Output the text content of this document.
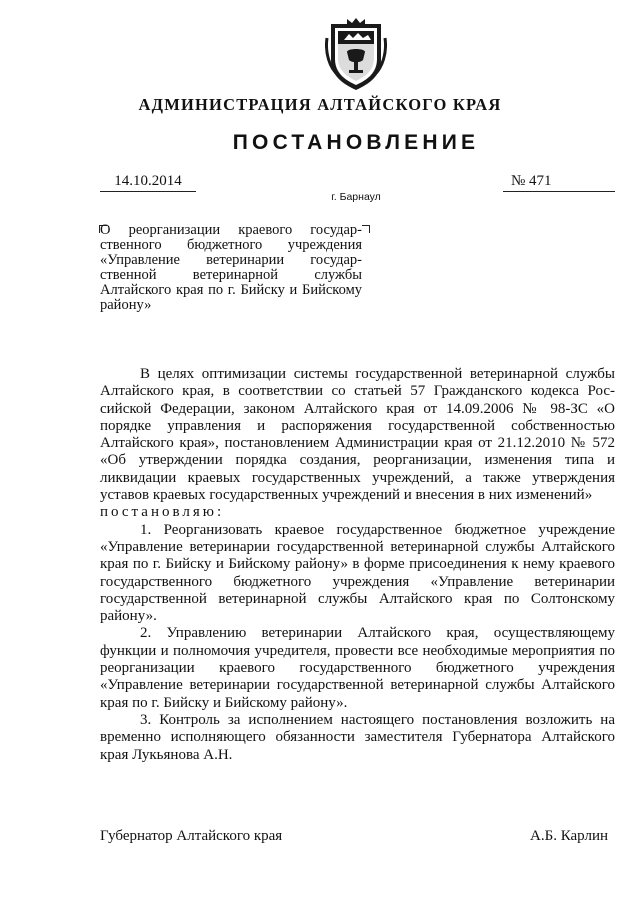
АДМИНИСТРАЦИЯ АЛТАЙСКОГО КРАЯ
ПОСТАНОВЛЕНИЕ
14.10.2014	№ 471
г. Барнаул
О реорганизации краевого государственного бюджетного учреждения «Управление ветеринарии государственной ветеринарной службы Алтайского края по г. Бийску и Бийскому району»

В целях оптимизации системы государственной ветеринарной службы Алтайского края, в соответствии со статьей 57 Гражданского кодекса Российской Федерации, законом Алтайского края от 14.09.2006 № 98-ЗС «О порядке управления и распоряжения государственной собственностью Алтайского края», постановлением Администрации края от 21.12.2010 № 572 «Об утверждении порядка создания, реорганизации, изменения типа и ликвидации краевых государственных учреждений, а также утверждения уставов краевых государственных учреждений и внесения в них изменений»

постановляю:

1. Реорганизовать краевое государственное бюджетное учреждение «Управление ветеринарии государственной ветеринарной службы Алтайского края по г. Бийску и Бийскому району» в форме присоединения к нему краевого государственного бюджетного учреждения «Управление ветеринарии государственной ветеринарной службы Алтайского края по Солтонскому району».

2. Управлению ветеринарии Алтайского края, осуществляющему функции и полномочия учредителя, провести все необходимые мероприятия по реорганизации краевого государственного бюджетного учреждения «Управление ветеринарии государственной ветеринарной службы Алтайского края по г. Бийску и Бийскому району».

3. Контроль за исполнением настоящего постановления возложить на временно исполняющего обязанности заместителя Губернатора Алтайского края Лукьянова А.Н.

Губернатор Алтайского края	А.Б. Карлин
